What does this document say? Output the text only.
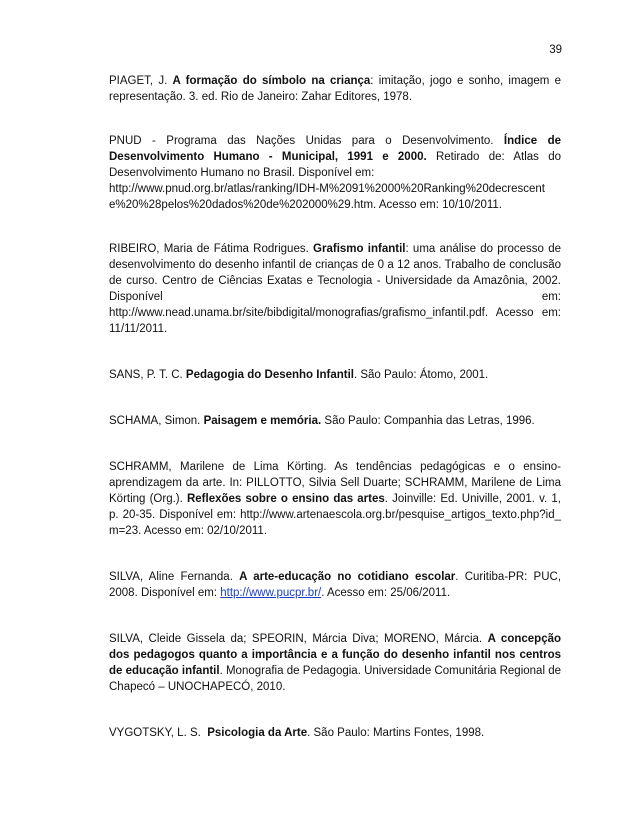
39

PIAGET, J. A formação do símbolo na criança: imitação, jogo e sonho, imagem e representação. 3. ed. Rio de Janeiro: Zahar Editores, 1978.

PNUD - Programa das Nações Unidas para o Desenvolvimento. Índice de Desenvolvimento Humano - Municipal, 1991 e 2000. Retirado de: Atlas do Desenvolvimento Humano no Brasil. Disponível em:
http://www.pnud.org.br/atlas/ranking/IDH-M%2091%2000%20Ranking%20decrescente%20%28pelos%20dados%20de%202000%29.htm. Acesso em: 10/10/2011.

RIBEIRO, Maria de Fátima Rodrigues. Grafismo infantil: uma análise do processo de desenvolvimento do desenho infantil de crianças de 0 a 12 anos. Trabalho de conclusão de curso. Centro de Ciências Exatas e Tecnologia - Universidade da Amazônia, 2002. Disponível em: http://www.nead.unama.br/site/bibdigital/monografias/grafismo_infantil.pdf. Acesso em: 11/11/2011.

SANS, P. T. C. Pedagogia do Desenho Infantil. São Paulo: Átomo, 2001.

SCHAMA, Simon. Paisagem e memória. São Paulo: Companhia das Letras, 1996.

SCHRAMM, Marilene de Lima Körting. As tendências pedagógicas e o ensino-aprendizagem da arte. In: PILLOTTO, Silvia Sell Duarte; SCHRAMM, Marilene de Lima Körting (Org.). Reflexões sobre o ensino das artes. Joinville: Ed. Univille, 2001. v. 1, p. 20-35. Disponível em: http://www.artenaescola.org.br/pesquise_artigos_texto.php?id_m=23. Acesso em: 02/10/2011.

SILVA, Aline Fernanda. A arte-educação no cotidiano escolar. Curitiba-PR: PUC, 2008. Disponível em: http://www.pucpr.br/. Acesso em: 25/06/2011.

SILVA, Cleide Gissela da; SPEORIN, Márcia Diva; MORENO, Márcia. A concepção dos pedagogos quanto a importância e a função do desenho infantil nos centros de educação infantil. Monografia de Pedagogia. Universidade Comunitária Regional de Chapecó – UNOCHAPECÓ, 2010.

VYGOTSKY, L. S.  Psicologia da Arte. São Paulo: Martins Fontes, 1998.
